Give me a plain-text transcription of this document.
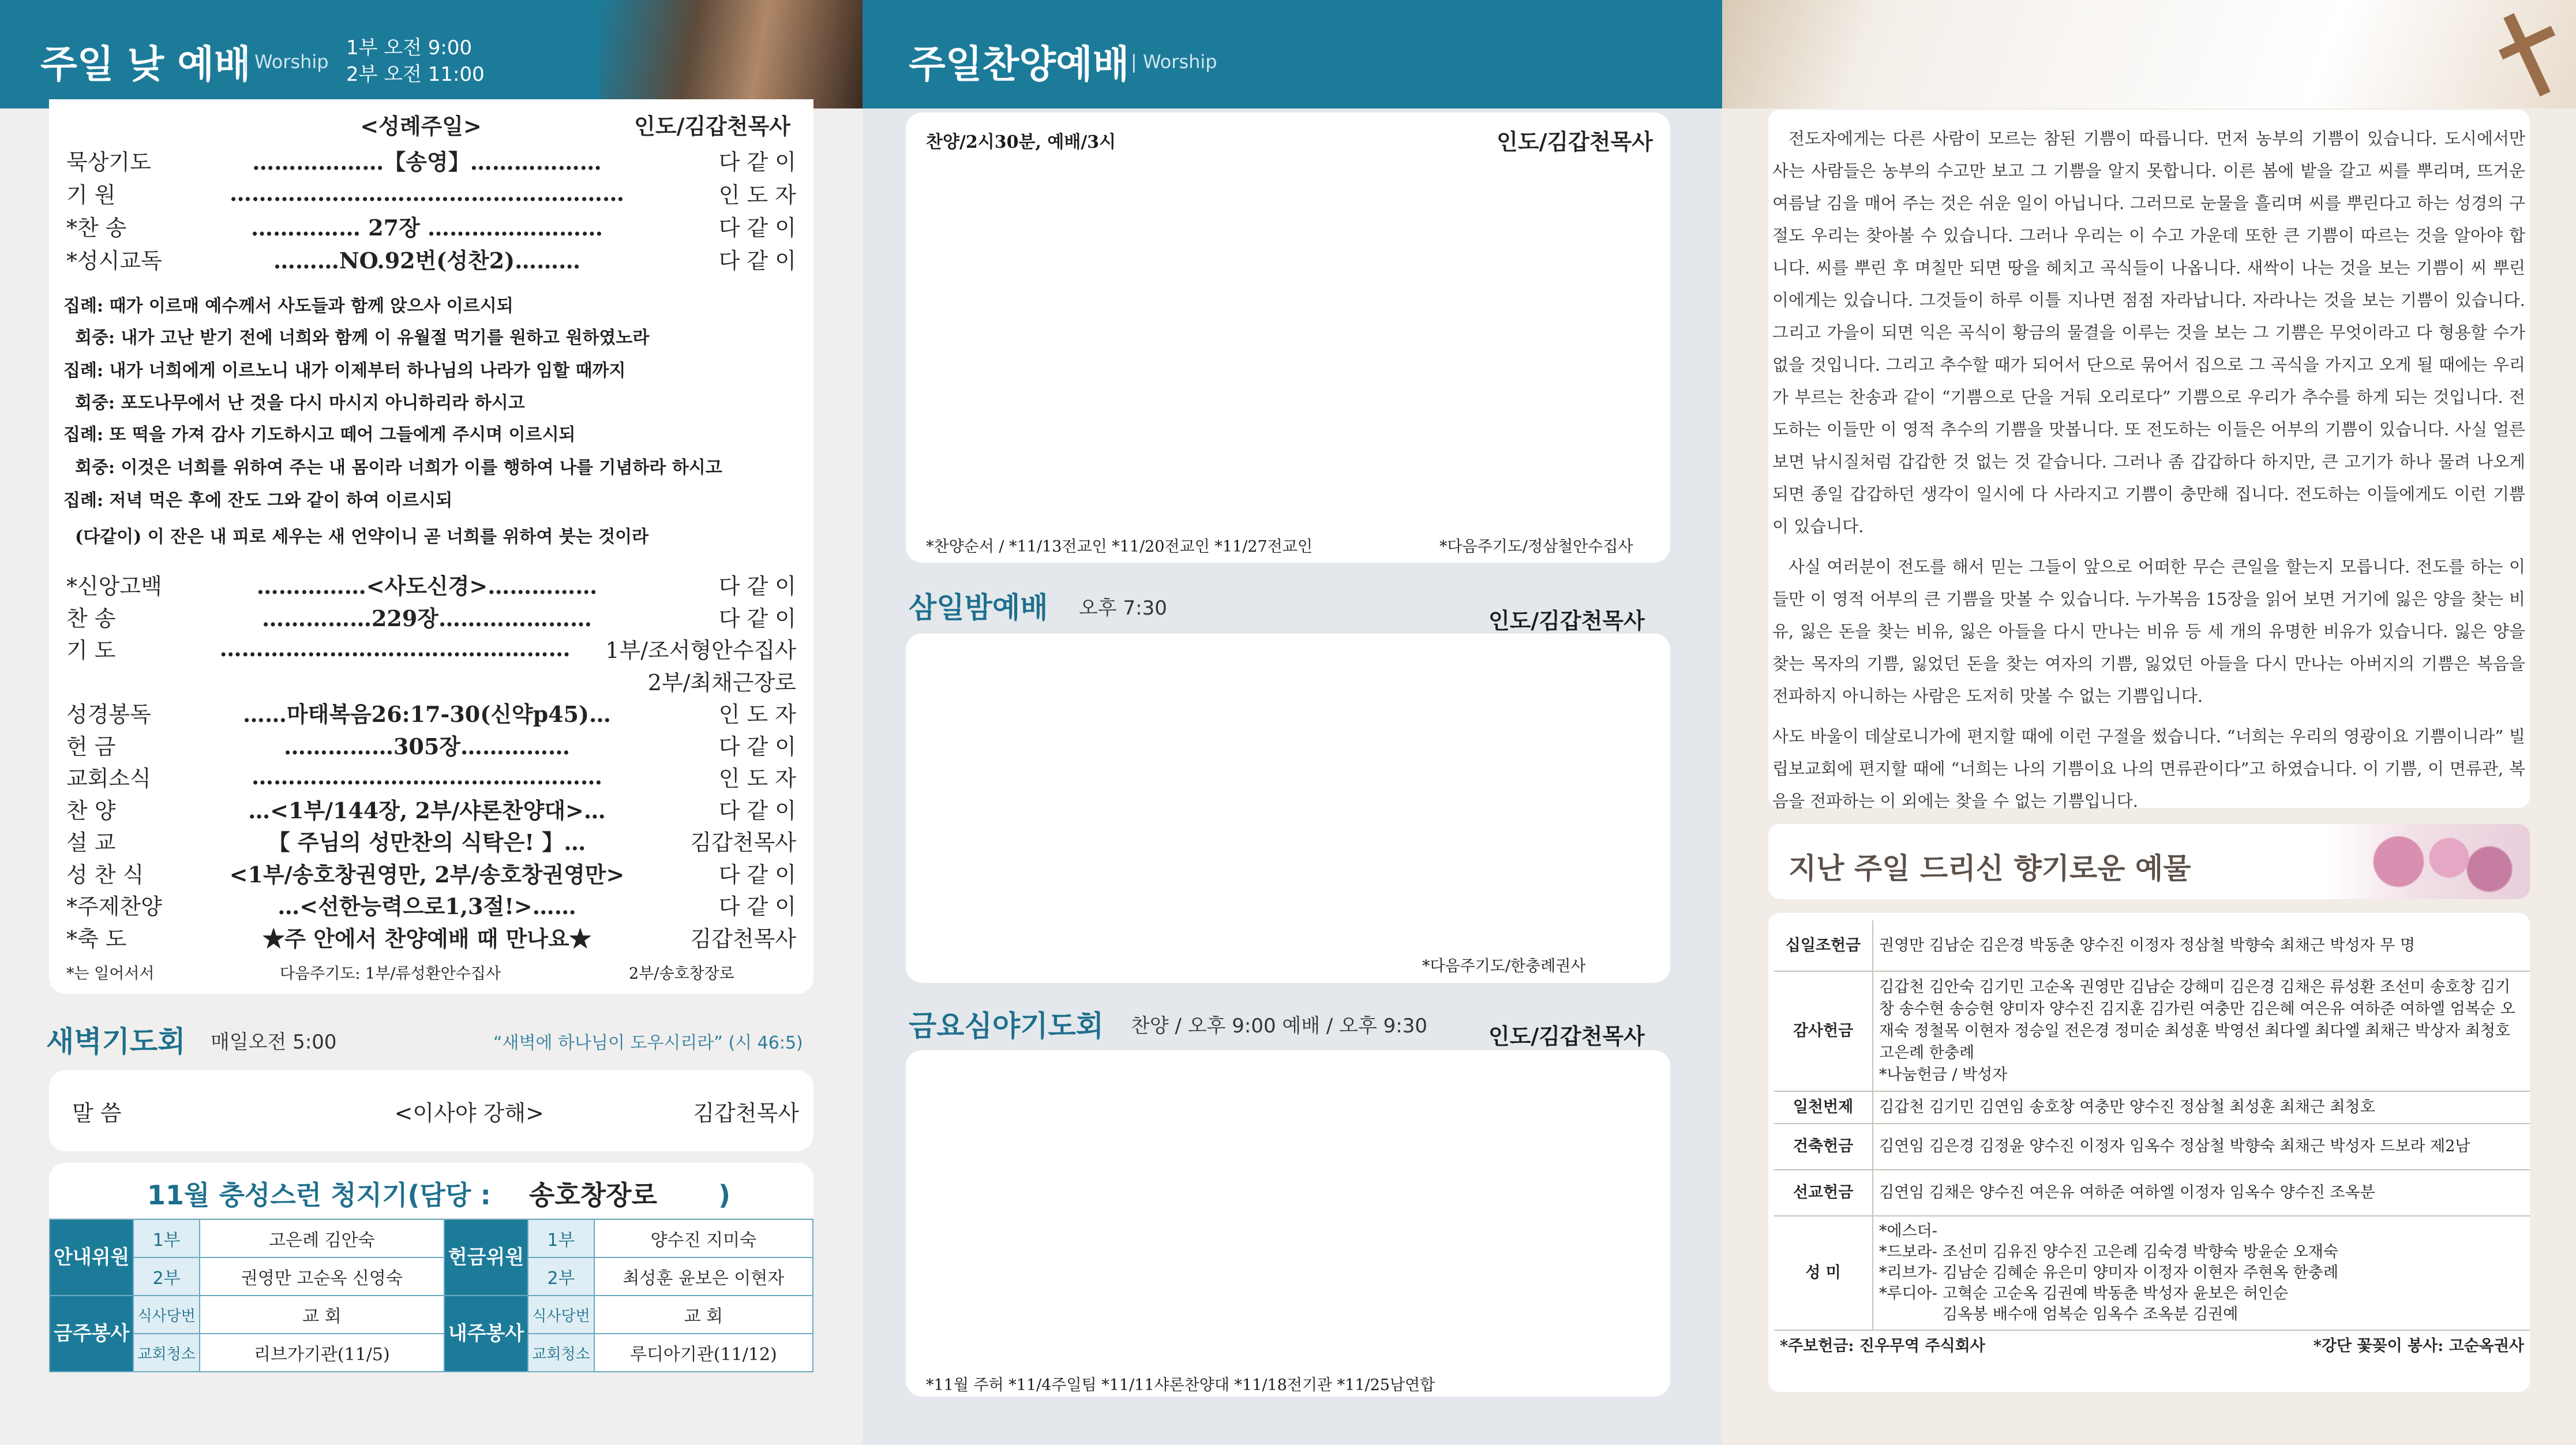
주일 낮 예배
| Worship
1부 오전 9:00
2부 오전 11:00
<성례주일>	인도/김갑천목사
묵상기도	………………【송영】………………	다 같 이
기 원	………………………………………………	인 도 자
*찬 송	…………… 27장 ……………………	다 같 이
*성시교독	………NO.92번(성찬2)………	다 같 이
집례: 때가 이르매 예수께서 사도들과 함께 앉으사 이르시되
회중: 내가 고난 받기 전에 너희와 함께 이 유월절 먹기를 원하고 원하였노라
집례: 내가 너희에게 이르노니 내가 이제부터 하나님의 나라가 임할 때까지
회중: 포도나무에서 난 것을 다시 마시지 아니하리라 하시고
집례: 또 떡을 가져 감사 기도하시고 떼어 그들에게 주시며 이르시되
회중: 이것은 너희를 위하여 주는 내 몸이라 너희가 이를 행하여 나를 기념하라 하시고
집례: 저녁 먹은 후에 잔도 그와 같이 하여 이르시되
(다같이) 이 잔은 내 피로 세우는 새 언약이니 곧 너희를 위하여 붓는 것이라
*신앙고백	……………<사도신경>……………	다 같 이
찬 송	……………229장…………………	다 같 이
기 도	…………………………………………	1부/조서형안수집사
2부/최채근장로
성경봉독	……마태복음26:17-30(신약p45)…	인 도 자
헌 금	……………305장……………	다 같 이
교회소식	…………………………………………	인 도 자
찬 양	…<1부/144장, 2부/샤론찬양대>…	다 같 이
설 교	【 주님의 성만찬의 식탁은! 】…	김갑천목사
성 찬 식	<1부/송호창권영만, 2부/송호창권영만>	다 같 이
*주제찬양	…<선한능력으로1,3절!>……	다 같 이
*축 도	★주 안에서 찬양예배 때 만나요★	김갑천목사
*는 일어서서	다음주기도: 1부/류성환안수집사	2부/송호창장로
새벽기도회 매일오전 5:00	“새벽에 하나님이 도우시리라” (시 46:5)
말 씀	<이사야 강해>	김갑천목사
11월 충성스런 청지기(담당 : 송호창장로 )
안내위원	1부	고은례 김안숙	헌금위원	1부	양수진 지미숙
	2부	권영만 고순옥 신영숙		2부	최성훈 윤보은 이현자
금주봉사	식사당번	교 회	내주봉사	식사당번	교 회
	교회청소	리브가기관(11/5)		교회청소	루디아기관(11/12)
주일찬양예배 | Worship
찬양/2시30분, 예배/3시	인도/김갑천목사
*찬양순서 / *11/13전교인 *11/20전교인 *11/27전교인	*다음주기도/정삼철안수집사
삼일밤예배 오후 7:30	인도/김갑천목사
*다음주기도/한충례권사
금요심야기도회 찬양 / 오후 9:00 예배 / 오후 9:30	인도/김갑천목사
*11월 주허 *11/4주일팀 *11/11샤론찬양대 *11/18전기관 *11/25남연합

전도자에게는 다른 사람이 모르는 참된 기쁨이 따릅니다. 먼저 농부의 기쁨이 있습니다. 도시에서만 사는 사람들은 농부의 수고만 보고 그 기쁨을 알지 못합니다. 이른 봄에 밭을 갈고 씨를 뿌리며, 뜨거운 여름날 김을 매어 주는 것은 쉬운 일이 아닙니다. 그러므로 눈물을 흘리며 씨를 뿌린다고 하는 성경의 구절도 우리는 찾아볼 수 있습니다. 그러나 우리는 이 수고 가운데 또한 큰 기쁨이 따르는 것을 알아야 합니다. 씨를 뿌린 후 며칠만 되면 땅을 헤치고 곡식들이 나옵니다. 새싹이 나는 것을 보는 기쁨이 씨 뿌린 이에게는 있습니다. 그것들이 하루 이틀 지나면 점점 자라납니다. 자라나는 것을 보는 기쁨이 있습니다. 그리고 가을이 되면 익은 곡식이 황금의 물결을 이루는 것을 보는 그 기쁨은 무엇이라고 다 형용할 수가 없을 것입니다. 그리고 추수할 때가 되어서 단으로 묶어서 집으로 그 곡식을 가지고 오게 될 때에는 우리가 부르는 찬송과 같이 “기쁨으로 단을 거둬 오리로다” 기쁨으로 우리가 추수를 하게 되는 것입니다. 전도하는 이들만 이 영적 추수의 기쁨을 맛봅니다. 또 전도하는 이들은 어부의 기쁨이 있습니다. 사실 얼른 보면 낚시질처럼 갑갑한 것 없는 것 같습니다. 그러나 좀 갑갑하다 하지만, 큰 고기가 하나 물려 나오게 되면 종일 갑갑하던 생각이 일시에 다 사라지고 기쁨이 충만해 집니다. 전도하는 이들에게도 이런 기쁨이 있습니다.

사실 여러분이 전도를 해서 믿는 그들이 앞으로 어떠한 무슨 큰일을 할는지 모릅니다. 전도를 하는 이들만 이 영적 어부의 큰 기쁨을 맛볼 수 있습니다. 누가복음 15장을 읽어 보면 거기에 잃은 양을 찾는 비유, 잃은 돈을 찾는 비유, 잃은 아들을 다시 만나는 비유 등 세 개의 유명한 비유가 있습니다. 잃은 양을 찾는 목자의 기쁨, 잃었던 돈을 찾는 여자의 기쁨, 잃었던 아들을 다시 만나는 아버지의 기쁨은 복음을 전파하지 아니하는 사람은 도저히 맛볼 수 없는 기쁨입니다.

사도 바울이 데살로니가에 편지할 때에 이런 구절을 썼습니다. “너희는 우리의 영광이요 기쁨이니라” 빌립보교회에 편지할 때에 “너희는 나의 기쁨이요 나의 면류관이다”고 하였습니다. 이 기쁨, 이 면류관, 복음을 전파하는 이 외에는 찾을 수 없는 기쁨입니다.

지난 주일 드리신 향기로운 예물
십일조헌금	권영만 김남순 김은경 박동춘 양수진 이정자 정삼철 박향숙 최채근 박성자 무 명
감사헌금	김갑천 김안숙 김기민 고순옥 권영만 김남순 강해미 김은경 김채은 류성환 조선미 송호창 김기창 송수현 송승현 양미자 양수진 김지훈 김가린 여충만 김은혜 여은유 여하준 여하엘 엄복순 오재숙 정철목 이현자 정승일 전은경 정미순 최성훈 박영선 최다엘 최다엘 최채근 박상자 최청호 고은례 한충례
*나눔헌금 / 박성자
일천번제	김갑천 김기민 김연임 송호창 여충만 양수진 정삼철 최성훈 최채근 최청호
건축헌금	김연임 김은경 김정윤 양수진 이정자 임옥수 정삼철 박향숙 최채근 박성자 드보라 제2남
선교헌금	김연임 김채은 양수진 여은유 여하준 여하엘 이정자 임옥수 양수진 조옥분
성 미	*에스더-
*드보라- 조선미 김유진 양수진 고은례 김숙경 박향숙 방윤순 오재숙
*리브가- 김남순 김혜순 유은미 양미자 이정자 이현자 주현옥 한충례
*루디아- 고혁순 고순옥 김권예 박동춘 박성자 윤보은 허인순
김옥봉 배수애 엄복순 임옥수 조옥분 김권예

*주보헌금: 진우무역 주식회사 *강단 꽃꽂이 봉사: 고순옥권사	
